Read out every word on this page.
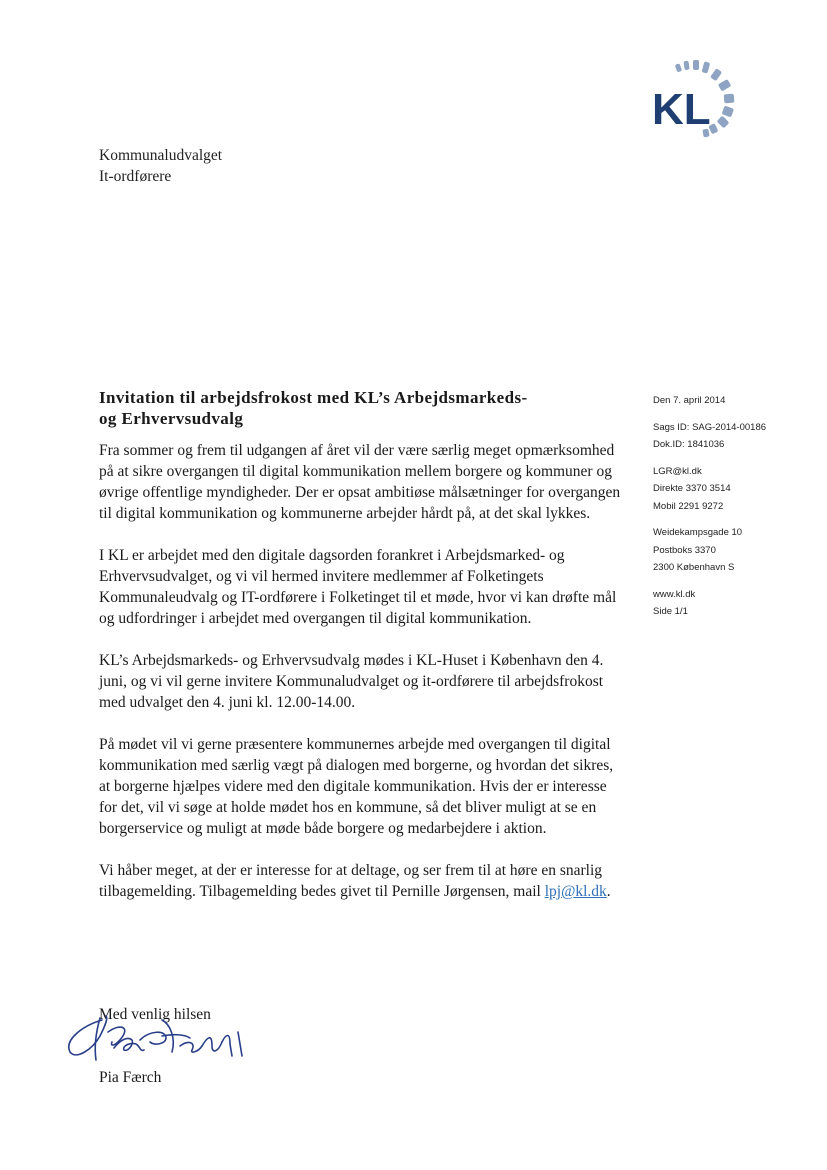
KL
Kommunaludvalget
It-ordførere
Invitation til arbejdsfrokost med KL’s Arbejdsmarkeds-
og Erhvervsudvalg

Fra sommer og frem til udgangen af året vil der være særlig meget opmærksomhed på at sikre overgangen til digital kommunikation mellem borgere og kommuner og øvrige offentlige myndigheder. Der er opsat ambitiøse målsætninger for overgangen til digital kommunikation og kommunerne arbejder hårdt på, at det skal lykkes.

I KL er arbejdet med den digitale dagsorden forankret i Arbejdsmarked- og Erhvervsudvalget, og vi vil hermed invitere medlemmer af Folketingets Kommunaleudvalg og IT-ordførere i Folketinget til et møde, hvor vi kan drøfte mål og udfordringer i arbejdet med overgangen til digital kommunikation.

KL’s Arbejdsmarkeds- og Erhvervsudvalg mødes i KL-Huset i København den 4. juni, og vi vil gerne invitere Kommunaludvalget og it-ordførere til arbejdsfrokost med udvalget den 4. juni kl. 12.00-14.00.

På mødet vil vi gerne præsentere kommunernes arbejde med overgangen til digital kommunikation med særlig vægt på dialogen med borgerne, og hvordan det sikres, at borgerne hjælpes videre med den digitale kommunikation. Hvis der er interesse for det, vil vi søge at holde mødet hos en kommune, så det bliver muligt at se en borgerservice og muligt at møde både borgere og medarbejdere i aktion.

Vi håber meget, at der er interesse for at deltage, og ser frem til at høre en snarlig tilbagemelding. Tilbagemelding bedes givet til Pernille Jørgensen, mail lpj@kl.dk.

Med venlig hilsen
Pia Færch
Den 7. april 2014
Sags ID: SAG-2014-00186
Dok.ID: 1841036
LGR@kl.dk
Direkte 3370 3514
Mobil 2291 9272
Weidekampsgade 10
Postboks 3370
2300 København S
www.kl.dk
Side 1/1
